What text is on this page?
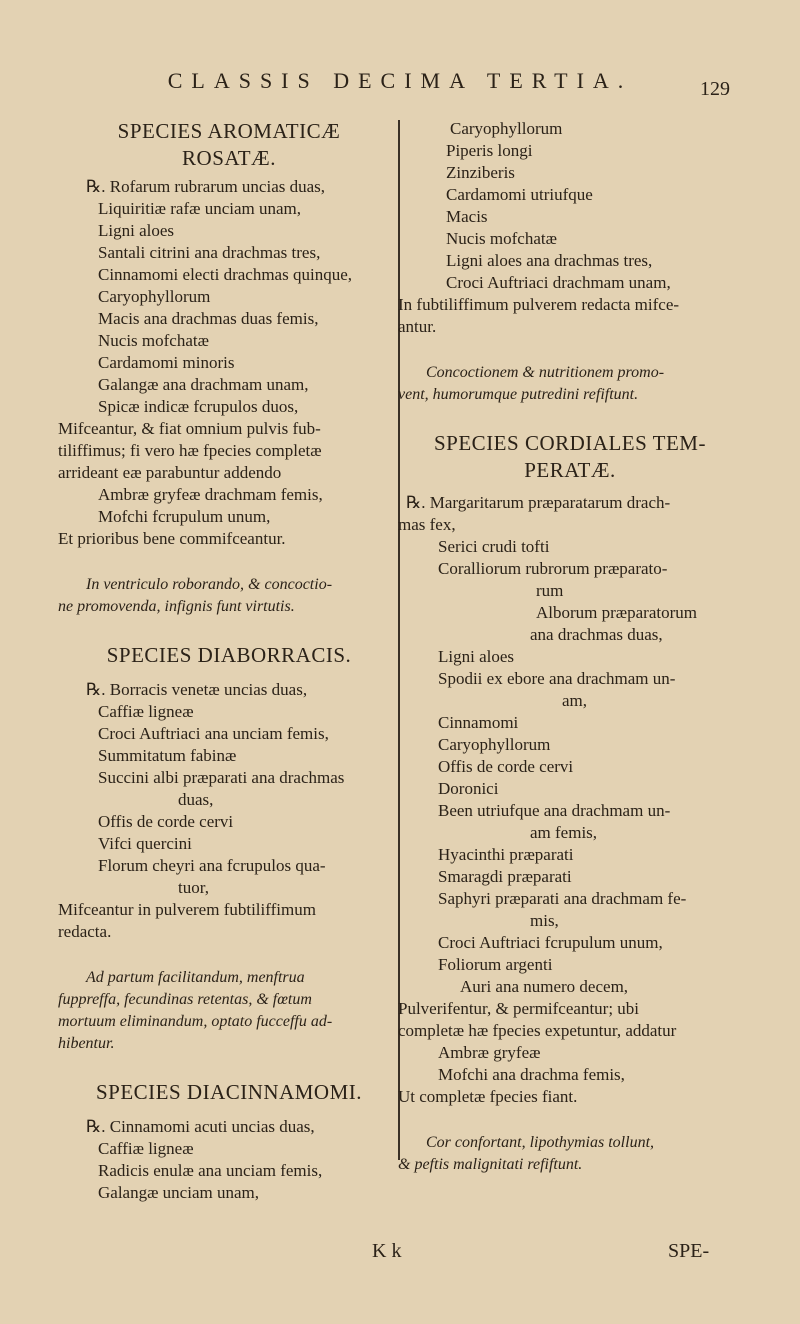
CLASSIS DECIMA TERTIA.	129
SPECIES AROMATICÆ
ROSATÆ.
℞. Rofarum rubrarum uncias duas,
Liquiritiæ rafæ unciam unam,
Ligni aloes
Santali citrini ana drachmas tres,
Cinnamomi electi drachmas quinque,
Caryophyllorum
Macis ana drachmas duas femis,
Nucis mofchatæ
Cardamomi minoris
Galangæ ana drachmam unam,
Spicæ indicæ fcrupulos duos,
Mifceantur, & fiat omnium pulvis fub-
tiliffimus; fi vero hæ fpecies completæ
arrideant eæ parabuntur addendo
Ambræ gryfeæ drachmam femis,
Mofchi fcrupulum unum,
Et prioribus bene commifceantur.
In ventriculo roborando, & concoctio-
ne promovenda, infignis funt virtutis.
SPECIES DIABORRACIS.
℞. Borracis venetæ uncias duas,
Caffiæ ligneæ
Croci Auftriaci ana unciam femis,
Summitatum fabinæ
Succini albi præparati ana drachmas
duas,
Offis de corde cervi
Vifci quercini
Florum cheyri ana fcrupulos qua-
tuor,
Mifceantur in pulverem fubtiliffimum
redacta.
Ad partum facilitandum, menftrua
fuppreffa, fecundinas retentas, & fœtum
mortuum eliminandum, optato fucceffu ad-
hibentur.
SPECIES DIACINNAMOMI.
℞. Cinnamomi acuti uncias duas,
Caffiæ ligneæ
Radicis enulæ ana unciam femis,
Galangæ unciam unam,
Caryophyllorum
Piperis longi
Zinziberis
Cardamomi utriufque
Macis
Nucis mofchatæ
Ligni aloes ana drachmas tres,
Croci Auftriaci drachmam unam,
In fubtiliffimum pulverem redacta mifce-
antur.
Concoctionem & nutritionem promo-
vent, humorumque putredini refiftunt.
SPECIES CORDIALES TEM-
PERATÆ.
℞. Margaritarum præparatarum drach-
mas fex,
Serici crudi tofti
Coralliorum rubrorum præparato-
rum
Alborum præparatorum
ana drachmas duas,
Ligni aloes
Spodii ex ebore ana drachmam un-
am,
Cinnamomi
Caryophyllorum
Offis de corde cervi
Doronici
Been utriufque ana drachmam un-
am femis,
Hyacinthi præparati
Smaragdi præparati
Saphyri præparati ana drachmam fe-
mis,
Croci Auftriaci fcrupulum unum,
Foliorum argenti
Auri ana numero decem,
Pulverifentur, & permifceantur; ubi
completæ hæ fpecies expetuntur, addatur
Ambræ gryfeæ
Mofchi ana drachma femis,
Ut completæ fpecies fiant.
Cor confortant, lipothymias tollunt,
& peftis malignitati refiftunt.
K k	SPE-
